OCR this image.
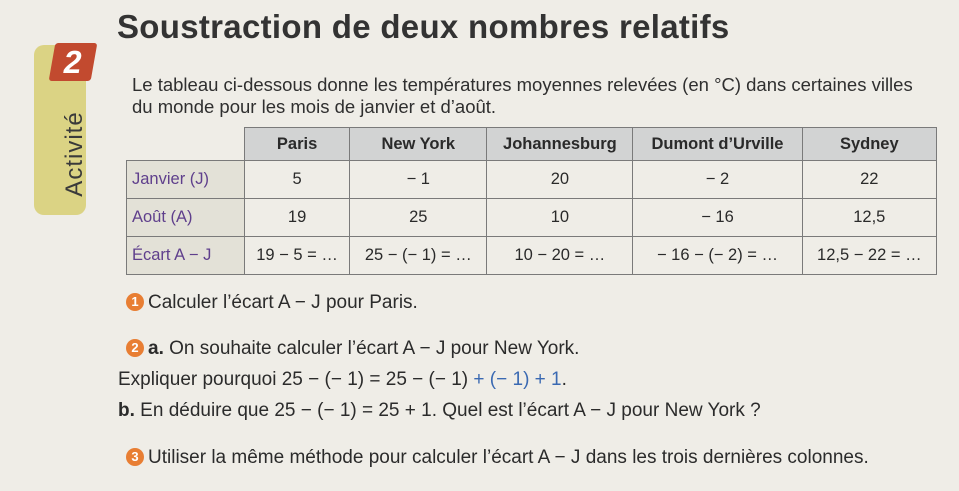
2
Activité
Soustraction de deux nombres relatifs
Le tableau ci-dessous donne les températures moyennes relevées (en °C) dans certaines villes du monde pour les mois de janvier et d’août.
	Paris	New York	Johannesburg	Dumont d’Urville	Sydney
Janvier (J)	5	− 1	20	− 2	22
Août (A)	19	25	10	− 16	12,5
Écart A − J	19 − 5 = …	25 − (− 1) = …	10 − 20 = …	− 16 − (− 2) = …	12,5 − 22 = …
1 Calculer l’écart A − J pour Paris.
2 a. On souhaite calculer l’écart A − J pour New York.
Expliquer pourquoi 25 − (− 1) = 25 − (− 1) + (− 1) + 1.
b. En déduire que 25 − (− 1) = 25 + 1. Quel est l’écart A − J pour New York ?
3 Utiliser la même méthode pour calculer l’écart A − J dans les trois dernières colonnes.
